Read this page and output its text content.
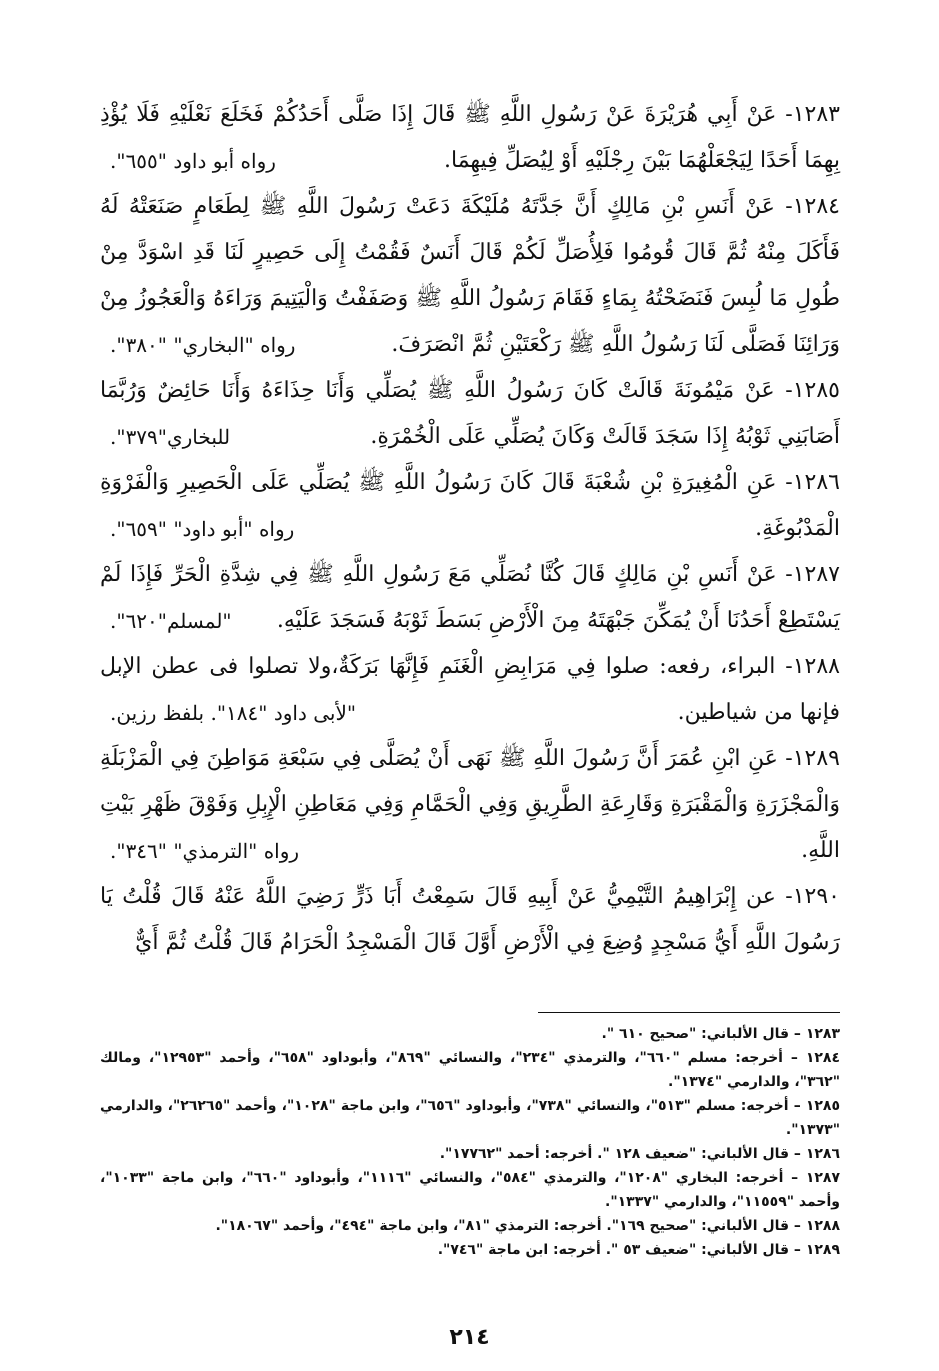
١٢٨٣- عَنْ أَبِي هُرَيْرَةَ عَنْ رَسُولِ اللَّهِ ﷺ قَالَ إِذَا صَلَّى أَحَدُكُمْ فَخَلَعَ نَعْلَيْهِ فَلَا يُؤْذِ بِهِمَا أَحَدًا لِيَجْعَلْهُمَا بَيْنَ رِجْلَيْهِ أَوْ لِيُصَلِّ فِيهِمَا.

رواه أبو داود "٦٥٥".

١٢٨٤- عَنْ أَنَسِ بْنِ مَالِكٍ أَنَّ جَدَّتَهُ مُلَيْكَةَ دَعَتْ رَسُولَ اللَّهِ ﷺ لِطَعَامٍ صَنَعَتْهُ لَهُ فَأَكَلَ مِنْهُ ثُمَّ قَالَ قُومُوا فَلِأُصَلِّ لَكُمْ قَالَ أَنَسٌ فَقُمْتُ إِلَى حَصِيرٍ لَنَا قَدِ اسْوَدَّ مِنْ طُولِ مَا لُبِسَ فَنَضَحْتُهُ بِمَاءٍ فَقَامَ رَسُولُ اللَّهِ ﷺ وَصَفَفْتُ وَالْيَتِيمَ وَرَاءَهُ وَالْعَجُوزُ مِنْ وَرَائِنَا فَصَلَّى لَنَا رَسُولُ اللَّهِ ﷺ رَكْعَتَيْنِ ثُمَّ انْصَرَفَ.

رواه "البخاري" "٣٨٠".

١٢٨٥- عَنْ مَيْمُونَةَ قَالَتْ كَانَ رَسُولُ اللَّهِ ﷺ يُصَلِّي وَأَنَا حِذَاءَهُ وَأَنَا حَائِضٌ وَرُبَّمَا أَصَابَنِي ثَوْبُهُ إِذَا سَجَدَ قَالَتْ وَكَانَ يُصَلِّي عَلَى الْخُمْرَةِ.

للبخاري"٣٧٩".

١٢٨٦- عَنِ الْمُغِيرَةِ بْنِ شُعْبَةَ قَالَ كَانَ رَسُولُ اللَّهِ ﷺ يُصَلِّي عَلَى الْحَصِيرِ وَالْفَرْوَةِ الْمَدْبُوغَةِ.

رواه "أبو داود" "٦٥٩".

١٢٨٧- عَنْ أَنَسِ بْنِ مَالِكٍ قَالَ كُنَّا نُصَلِّي مَعَ رَسُولِ اللَّهِ ﷺ فِي شِدَّةِ الْحَرِّ فَإِذَا لَمْ يَسْتَطِعْ أَحَدُنَا أَنْ يُمَكِّنَ جَبْهَتَهُ مِنَ الْأَرْضِ بَسَطَ ثَوْبَهُ فَسَجَدَ عَلَيْهِ.

"لمسلم"٦٢٠".

١٢٨٨- البراء، رفعه: صلوا فِي مَرَابِضِ الْغَنَمِ فَإِنَّهَا بَرَكَةٌ،ولا تصلوا فى عطن الإبل فإنها من شياطين.

"لأبى داود "١٨٤". بلفظ رزين.

١٢٨٩- عَنِ ابْنِ عُمَرَ أَنَّ رَسُولَ اللَّهِ ﷺ نَهَى أَنْ يُصَلَّى فِي سَبْعَةِ مَوَاطِنَ فِي الْمَزْبَلَةِ وَالْمَجْزَرَةِ وَالْمَقْبَرَةِ وَقَارِعَةِ الطَّرِيقِ وَفِي الْحَمَّامِ وَفِي مَعَاطِنِ الْإِبِلِ وَفَوْقَ ظَهْرِ بَيْتِ اللَّهِ.

رواه "الترمذي" "٣٤٦".

١٢٩٠- عن إِبْرَاهِيمُ التَّيْمِيُّ عَنْ أَبِيهِ قَالَ سَمِعْتُ أَبَا ذَرٍّ رَضِيَ اللَّهُ عَنْهُ قَالَ قُلْتُ يَا رَسُولَ اللَّهِ أَيُّ مَسْجِدٍ وُضِعَ فِي الْأَرْضِ أَوَّلَ قَالَ الْمَسْجِدُ الْحَرَامُ قَالَ قُلْتُ ثُمَّ أَيٌّ

١٢٨٣ – قال الألباني: "صحيح ٦١٠ ".

١٢٨٤ – أخرجه: مسلم "٦٦٠"، والترمذي "٢٣٤"، والنسائي "٨٦٩"، وأبوداود "٦٥٨"، وأحمد "١٢٩٥٣"، ومالك "٣٦٢"، والدارمي "١٣٧٤".

١٢٨٥ – أخرجه: مسلم "٥١٣"، والنسائي "٧٣٨"، وأبوداود "٦٥٦"، وابن ماجة "١٠٢٨"، وأحمد "٢٦٢٦٥"، والدارمي "١٣٧٣".

١٢٨٦ – قال الألباني: "ضعيف ١٢٨ ". أخرجه: أحمد "١٧٧٦٢".

١٢٨٧ – أخرجه: البخاري "١٢٠٨"، والترمذي "٥٨٤"، والنسائي "١١١٦"، وأبوداود "٦٦٠"، وابن ماجة "١٠٣٣"، وأحمد "١١٥٥٩"، والدارمي "١٣٣٧".

١٢٨٨ – قال الألباني: "صحيح ١٦٩". أخرجه: الترمذي "٨١"، وابن ماجة "٤٩٤"، وأحمد "١٨٠٦٧".

١٢٨٩ – قال الألباني: "ضعيف ٥٣ ". أخرجه: ابن ماجة "٧٤٦".

٢١٤
